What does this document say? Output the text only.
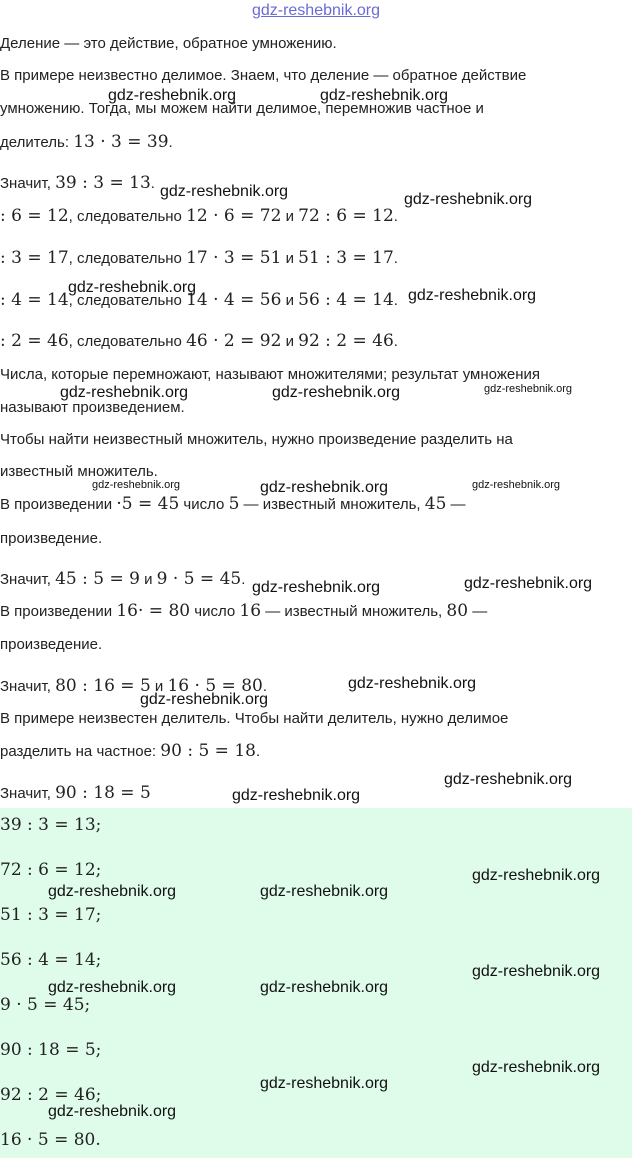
gdz-reshebnik.org
Деление — это действие, обратное умножению.
В примере неизвестно делимое. Знаем, что деление — обратное действие
умножению. Тогда, мы можем найти делимое, перемножив частное и
делитель: 13 · 3 = 39.
Значит, 39 : 3 = 13.
: 6 = 12, следовательно 12 · 6 = 72 и 72 : 6 = 12.
: 3 = 17, следовательно 17 · 3 = 51 и 51 : 3 = 17.
: 4 = 14, следовательно 14 · 4 = 56 и 56 : 4 = 14.
: 2 = 46, следовательно 46 · 2 = 92 и 92 : 2 = 46.
Числа, которые перемножают, называют множителями; результат умножения
называют произведением.
Чтобы найти неизвестный множитель, нужно произведение разделить на
известный множитель.
В произведении ·5 = 45 число 5 — известный множитель, 45 —
произведение.
Значит, 45 : 5 = 9 и 9 · 5 = 45.
В произведении 16· = 80 число 16 — известный множитель, 80 —
произведение.
Значит, 80 : 16 = 5 и 16 · 5 = 80.
В примере неизвестен делитель. Чтобы найти делитель, нужно делимое
разделить на частное: 90 : 5 = 18.
Значит, 90 : 18 = 5
39 : 3 = 13;
72 : 6 = 12;
51 : 3 = 17;
56 : 4 = 14;
9 · 5 = 45;
90 : 18 = 5;
92 : 2 = 46;
16 · 5 = 80.
gdz-reshebnik.org	gdz-reshebnik.org
gdz-reshebnik.org	gdz-reshebnik.org
gdz-reshebnik.org	gdz-reshebnik.org
gdz-reshebnik.org	gdz-reshebnik.org	gdz-reshebnik.org
gdz-reshebnik.org	gdz-reshebnik.org	gdz-reshebnik.org
gdz-reshebnik.org	gdz-reshebnik.org
gdz-reshebnik.org
gdz-reshebnik.org
gdz-reshebnik.org
gdz-reshebnik.org
gdz-reshebnik.org
gdz-reshebnik.org	gdz-reshebnik.org
gdz-reshebnik.org
gdz-reshebnik.org	gdz-reshebnik.org
gdz-reshebnik.org
gdz-reshebnik.org
gdz-reshebnik.org
